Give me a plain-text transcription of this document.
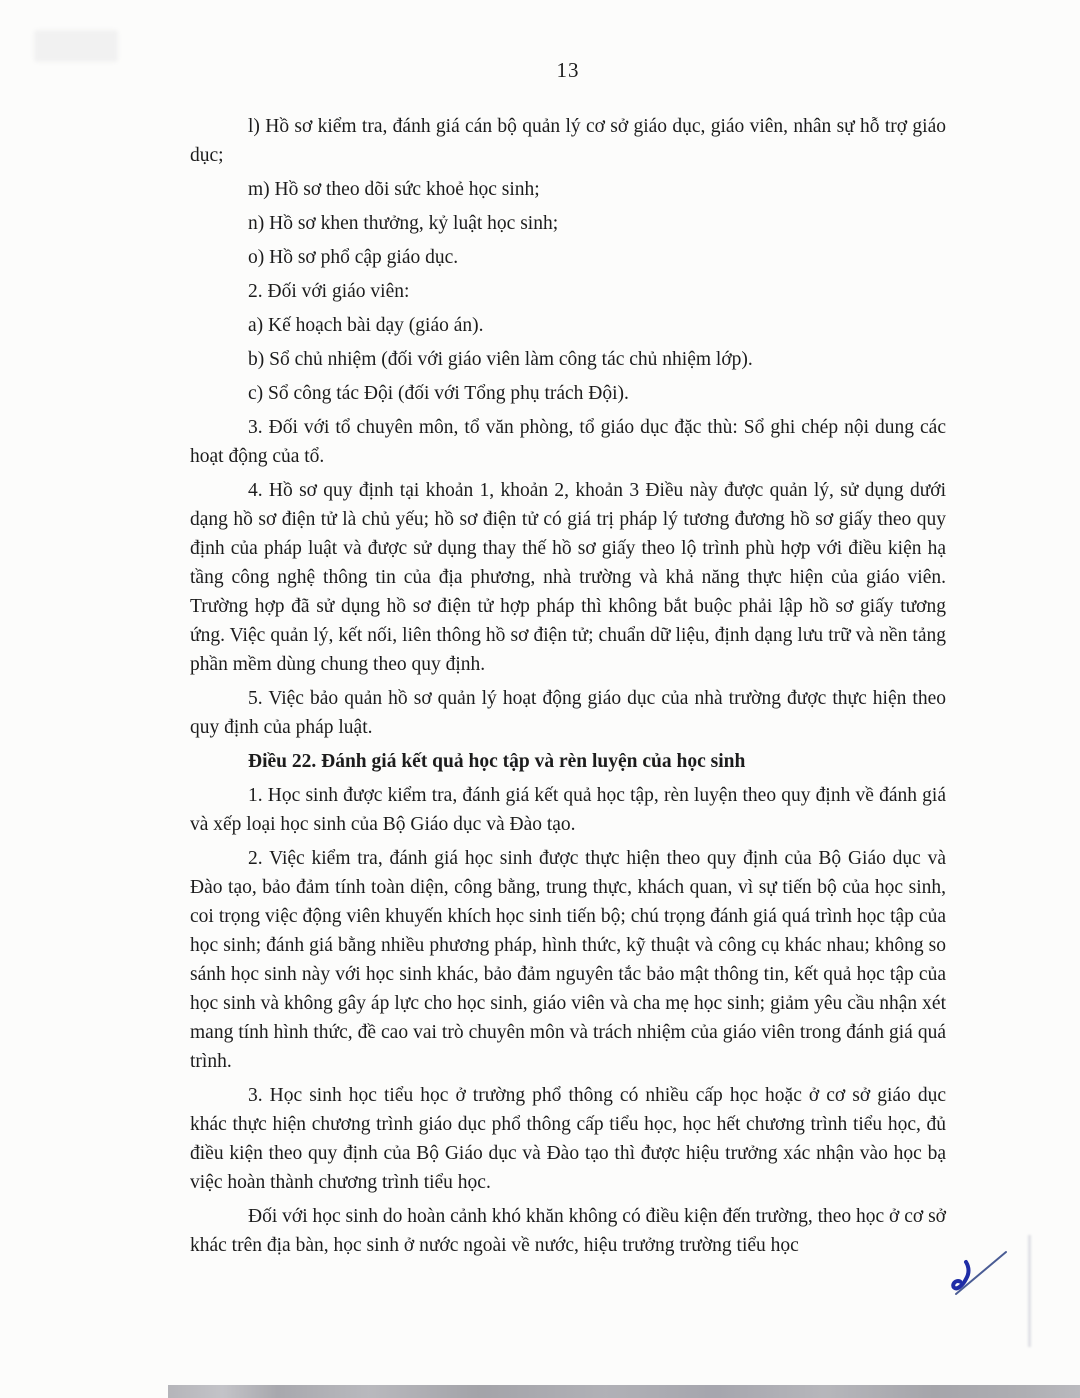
13

l) Hồ sơ kiểm tra, đánh giá cán bộ quản lý cơ sở giáo dục, giáo viên, nhân sự hỗ trợ giáo dục;

m) Hồ sơ theo dõi sức khoẻ học sinh;

n) Hồ sơ khen thưởng, kỷ luật học sinh;

o) Hồ sơ phổ cập giáo dục.

2. Đối với giáo viên:

a) Kế hoạch bài dạy (giáo án).

b) Sổ chủ nhiệm (đối với giáo viên làm công tác chủ nhiệm lớp).

c) Sổ công tác Đội (đối với Tổng phụ trách Đội).

3. Đối với tổ chuyên môn, tổ văn phòng, tổ giáo dục đặc thù: Sổ ghi chép nội dung các hoạt động của tổ.

4. Hồ sơ quy định tại khoản 1, khoản 2, khoản 3 Điều này được quản lý, sử dụng dưới dạng hồ sơ điện tử là chủ yếu; hồ sơ điện tử có giá trị pháp lý tương đương hồ sơ giấy theo quy định của pháp luật và được sử dụng thay thế hồ sơ giấy theo lộ trình phù hợp với điều kiện hạ tầng công nghệ thông tin của địa phương, nhà trường và khả năng thực hiện của giáo viên. Trường hợp đã sử dụng hồ sơ điện tử hợp pháp thì không bắt buộc phải lập hồ sơ giấy tương ứng. Việc quản lý, kết nối, liên thông hồ sơ điện tử; chuẩn dữ liệu, định dạng lưu trữ và nền tảng phần mềm dùng chung theo quy định.

5. Việc bảo quản hồ sơ quản lý hoạt động giáo dục của nhà trường được thực hiện theo quy định của pháp luật.

Điều 22. Đánh giá kết quả học tập và rèn luyện của học sinh

1. Học sinh được kiểm tra, đánh giá kết quả học tập, rèn luyện theo quy định về đánh giá và xếp loại học sinh của Bộ Giáo dục và Đào tạo.

2. Việc kiểm tra, đánh giá học sinh được thực hiện theo quy định của Bộ Giáo dục và Đào tạo, bảo đảm tính toàn diện, công bằng, trung thực, khách quan, vì sự tiến bộ của học sinh, coi trọng việc động viên khuyến khích học sinh tiến bộ; chú trọng đánh giá quá trình học tập của học sinh; đánh giá bằng nhiều phương pháp, hình thức, kỹ thuật và công cụ khác nhau; không so sánh học sinh này với học sinh khác, bảo đảm nguyên tắc bảo mật thông tin, kết quả học tập của học sinh và không gây áp lực cho học sinh, giáo viên và cha mẹ học sinh; giảm yêu cầu nhận xét mang tính hình thức, đề cao vai trò chuyên môn và trách nhiệm của giáo viên trong đánh giá quá trình.

3. Học sinh học tiểu học ở trường phổ thông có nhiều cấp học hoặc ở cơ sở giáo dục khác thực hiện chương trình giáo dục phổ thông cấp tiểu học, học hết chương trình tiểu học, đủ điều kiện theo quy định của Bộ Giáo dục và Đào tạo thì được hiệu trưởng xác nhận vào học bạ việc hoàn thành chương trình tiểu học.

Đối với học sinh do hoàn cảnh khó khăn không có điều kiện đến trường, theo học ở cơ sở khác trên địa bàn, học sinh ở nước ngoài về nước, hiệu trưởng trường tiểu học
